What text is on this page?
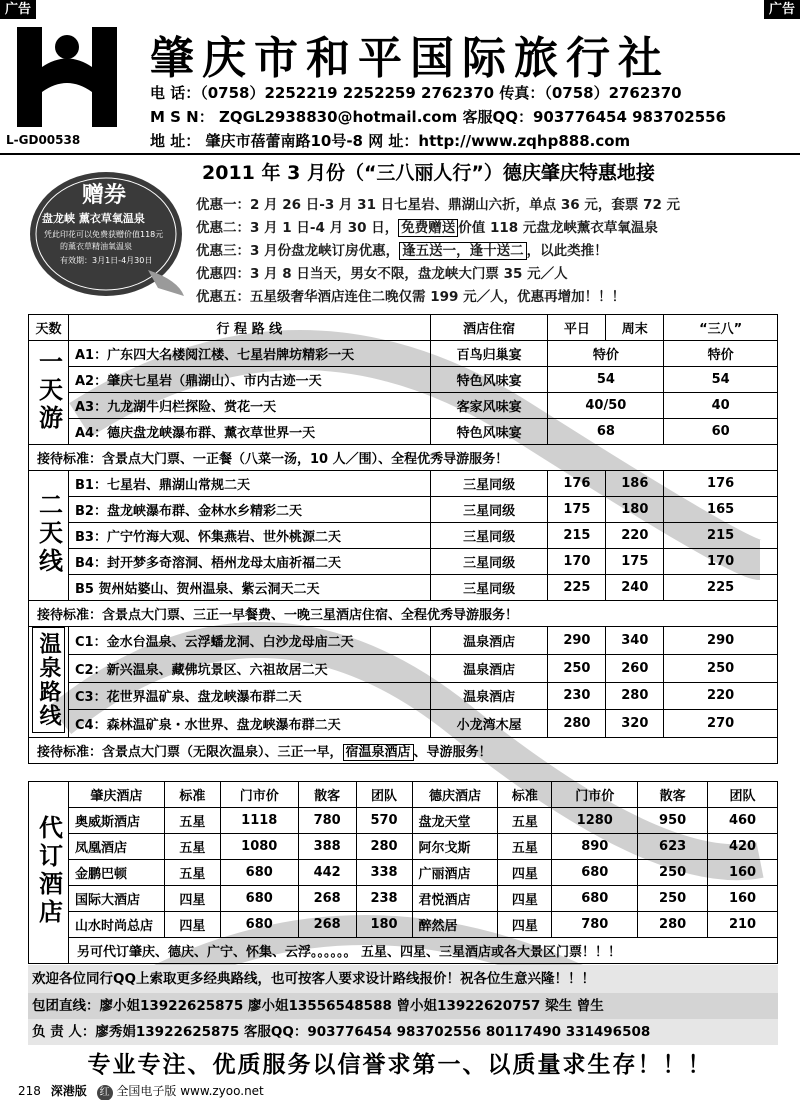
L-GD00538
肇庆市和平国际旅行社
电 话：（0758）2252219 2252259 2762370 传真：（0758）2762370
M S N： ZQGL2938830@hotmail.com 客服QQ：903776454 983702556
地 址： 肇庆市蓓蕾南路10号-8 网 址：http://www.zqhp888.com
广告	广告
赠券
盘龙峡 薰衣草氧温泉
凭此印花可以免费获赠价值118元
的薰衣草精油氧温泉
有效期：3月1日-4月30日
2011 年 3 月份（“三八丽人行”）德庆肇庆特惠地接
优惠一：2 月 26 日-3 月 31 日七星岩、鼎湖山六折，单点 36 元，套票 72 元
优惠二：3 月 1 日-4 月 30 日， 免费赠送 价值 118 元盘龙峡薰衣草氧温泉
优惠三：3 月份盘龙峡订房优惠， 逢五送一，逢十送二 ，以此类推！
优惠四：3 月 8 日当天，男女不限，盘龙峡大门票 35 元／人
优惠五：五星级奢华酒店连住二晚仅需 199 元／人，优惠再增加！！！
天数	行 程 路 线	酒店住宿	平日	周末	“三八”
一天游	A1：广东四大名楼阅江楼、七星岩牌坊精彩一天	百鸟归巢宴	特价		特价
	A2：肇庆七星岩（鼎湖山）、市内古迹一天	特色风味宴	54		54
	A3：九龙湖牛归栏探险、赏花一天	客家风味宴	40/50		40
	A4：德庆盘龙峡瀑布群、薰衣草世界一天	特色风味宴	68		60
接待标准：含景点大门票、一正餐（八菜一汤，10 人／围）、全程优秀导游服务！					
二天线	B1：七星岩、鼎湖山常规二天	三星同级	176	186	176
	B2：盘龙峡瀑布群、金林水乡精彩二天	三星同级	175	180	165
	B3：广宁竹海大观、怀集燕岩、世外桃源二天	三星同级	215	220	215
	B4：封开梦多奇溶洞、梧州龙母太庙祈福二天	三星同级	170	175	170
	B5 贺州姑婆山、贺州温泉、紫云洞天二天	三星同级	225	240	225
接待标准：含景点大门票、三正一早餐费、一晚三星酒店住宿、全程优秀导游服务！					
温泉路线	C1：金水台温泉、云浮蟠龙洞、白沙龙母庙二天	温泉酒店	290	340	290
	C2：新兴温泉、藏佛坑景区、六祖故居二天	温泉酒店	250	260	250
	C3：花世界温矿泉、盘龙峡瀑布群二天	温泉酒店	230	280	220
	C4：森林温矿泉・水世界、盘龙峡瀑布群二天	小龙湾木屋	280	320	270
接待标准：含景点大门票（无限次温泉）、三正一早， 宿温泉酒店 、导游服务！					
代订酒店	肇庆酒店	标准	门市价	散客	团队	德庆酒店	标准	门市价	散客	团队
	奥威斯酒店	五星	1118	780	570	盘龙天堂	五星	1280	950	460
	凤凰酒店	五星	1080	388	280	阿尔戈斯	五星	890	623	420
	金鹏巴顿	五星	680	442	338	广丽酒店	四星	680	250	160
	国际大酒店	四星	680	268	238	君悦酒店	四星	680	250	160
	山水时尚总店	四星	680	268	180	醉然居	四星	780	280	210
	另可代订肇庆、德庆、广宁、怀集、云浮。。。。。。 五星、四星、三星酒店或各大景区门票！！！									
欢迎各位同行QQ上索取更多经典路线，也可按客人要求设计路线报价！祝各位生意兴隆！！！
包团直线：廖小姐13922625875 廖小姐13556548588 曾小姐13922620757 梁生 曾生
负 责 人：廖秀娟13922625875 客服QQ：903776454 983702556 80117490 331496508
专业专注、优质服务以信誉求第一、以质量求生存！！！
218 深港版 红 全国电子版 www.zyoo.net
